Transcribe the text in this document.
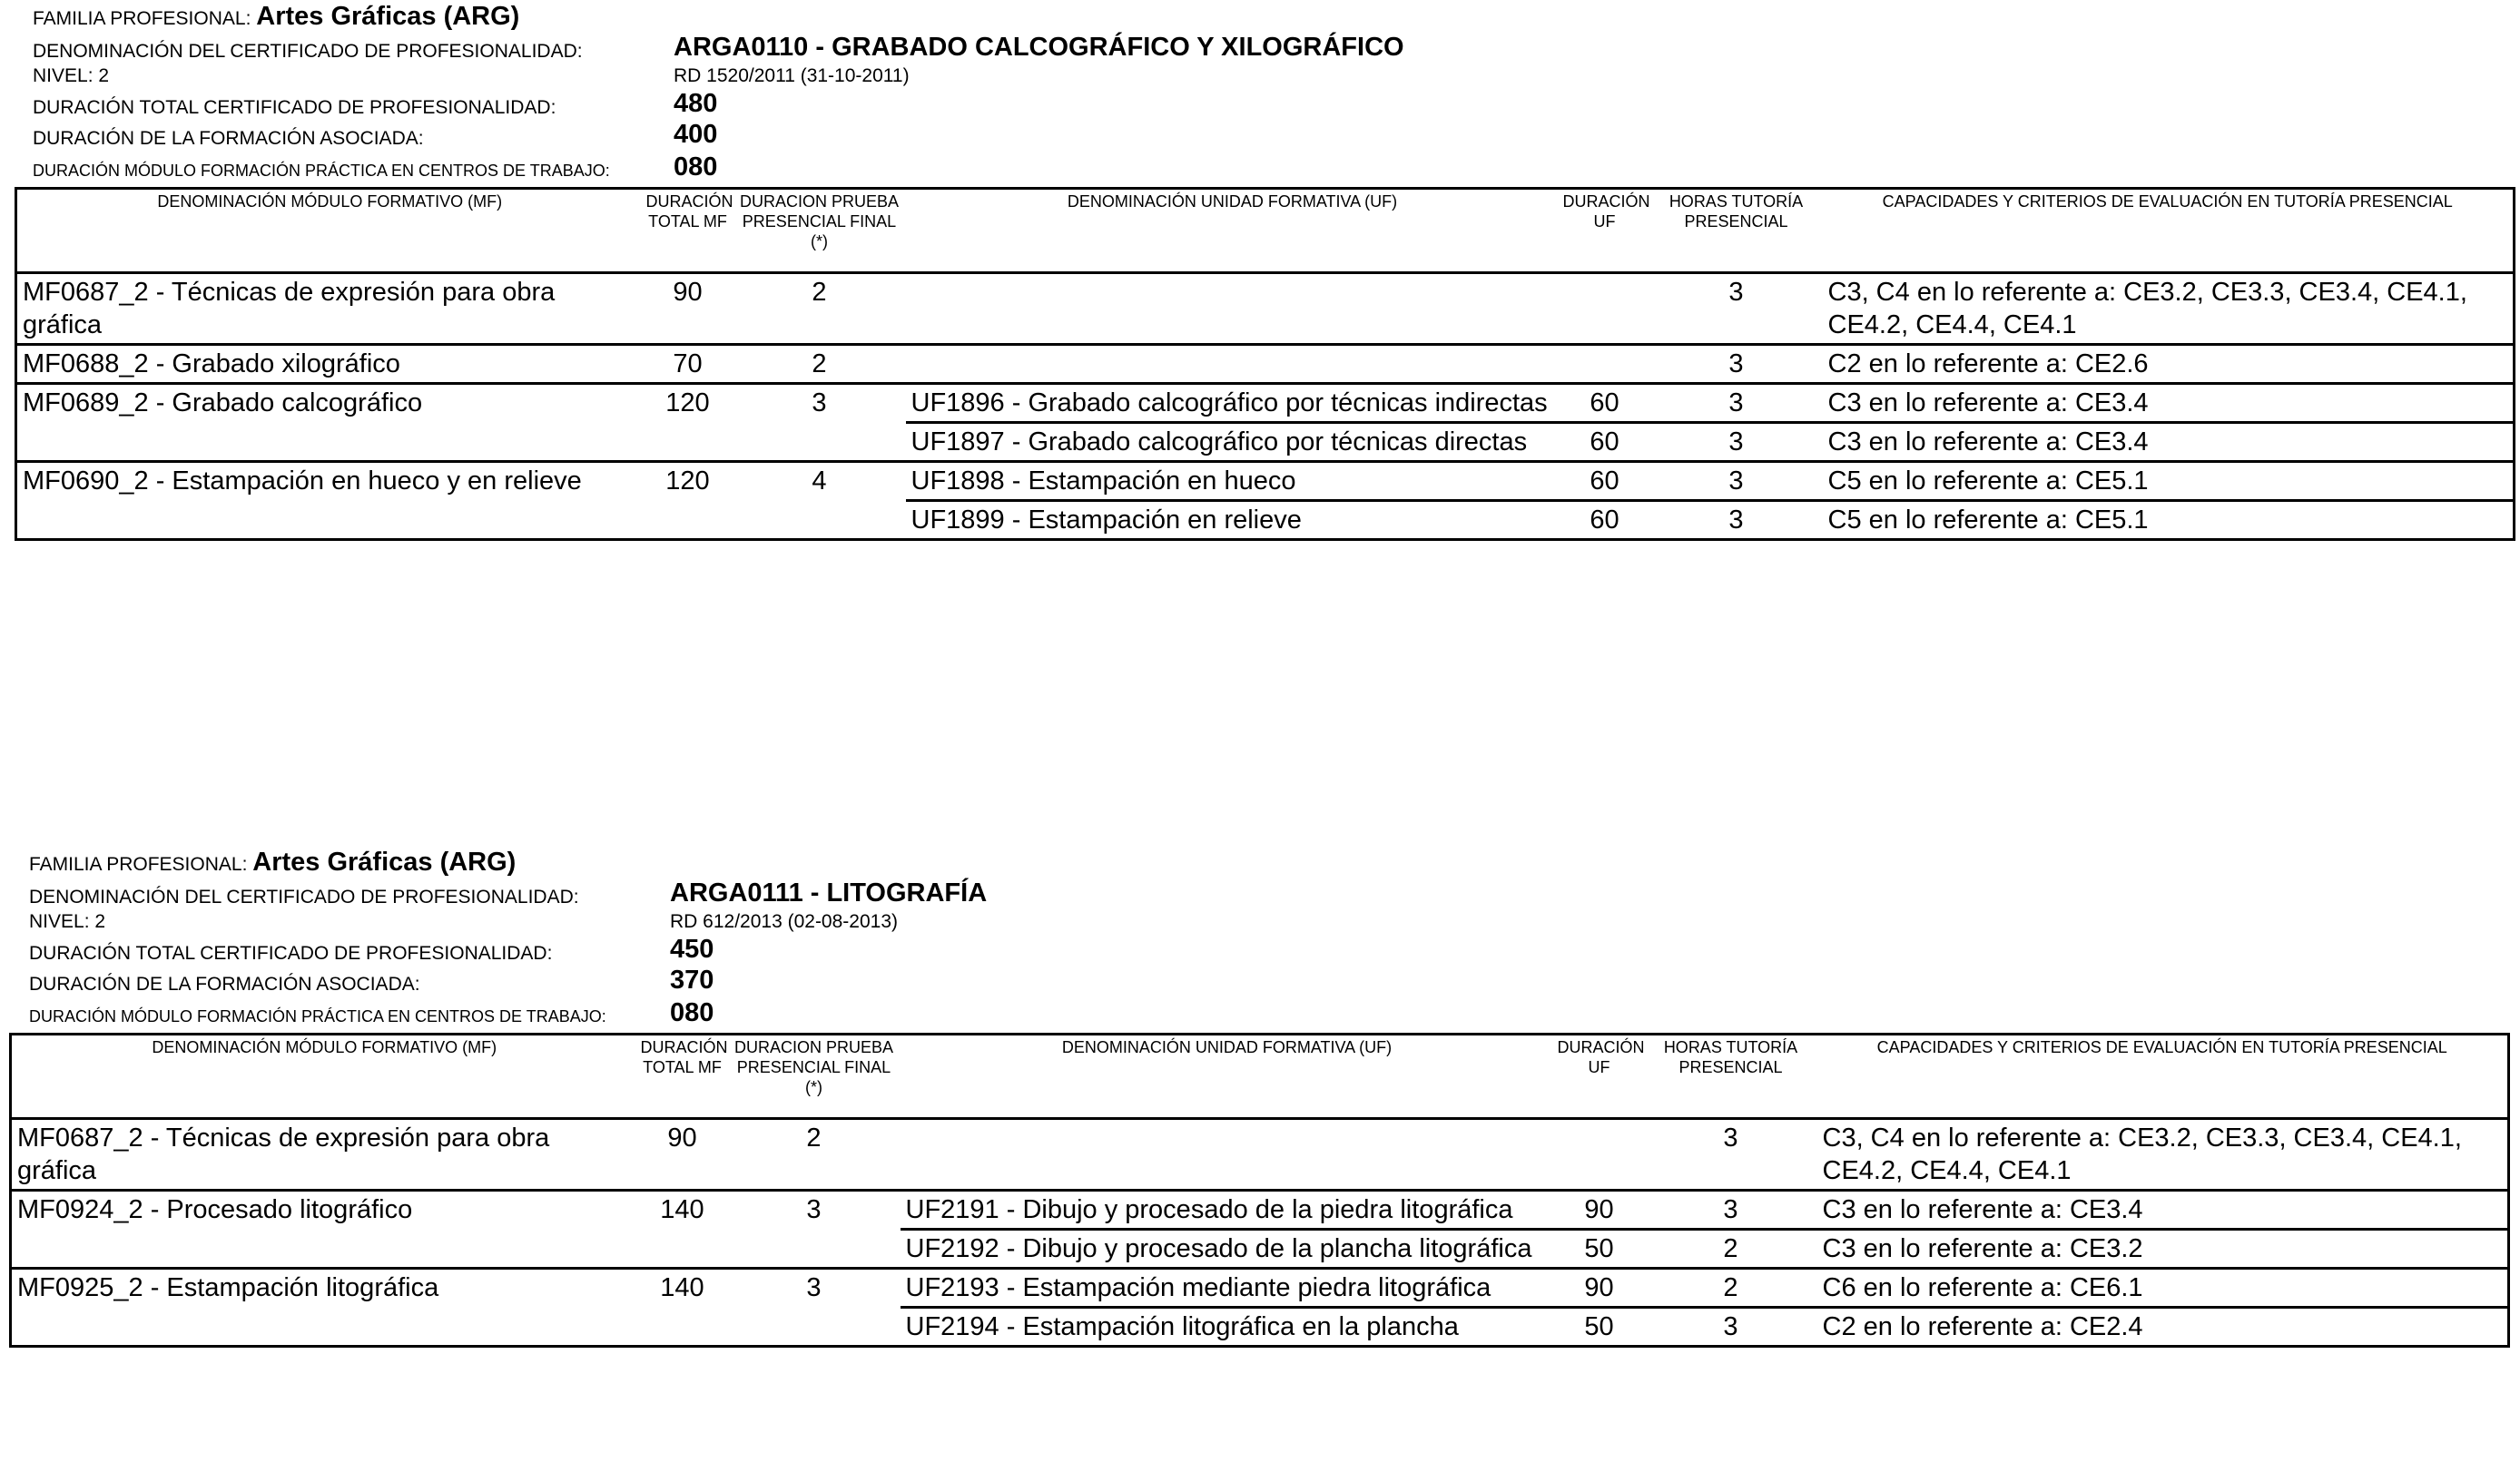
FAMILIA PROFESIONAL: Artes Gráficas (ARG)
DENOMINACIÓN DEL CERTIFICADO DE PROFESIONALIDAD:	ARGA0110 - GRABADO CALCOGRÁFICO Y XILOGRÁFICO
NIVEL: 2	RD 1520/2011 (31-10-2011)
DURACIÓN TOTAL CERTIFICADO DE PROFESIONALIDAD:	480
DURACIÓN DE LA FORMACIÓN ASOCIADA:	400
DURACIÓN MÓDULO FORMACIÓN PRÁCTICA EN CENTROS DE TRABAJO: 080
DENOMINACIÓN MÓDULO FORMATIVO (MF)	DURACIÓN TOTAL MF	DURACION PRUEBA PRESENCIAL FINAL (*)	DENOMINACIÓN UNIDAD FORMATIVA (UF)	DURACIÓN UF	HORAS TUTORÍA PRESENCIAL	CAPACIDADES Y CRITERIOS DE EVALUACIÓN EN TUTORÍA PRESENCIAL
MF0687_2 - Técnicas de expresión para obra gráfica	90	2			3	C3, C4 en lo referente a: CE3.2, CE3.3, CE3.4, CE4.1, CE4.2, CE4.4, CE4.1
MF0688_2 - Grabado xilográfico	70	2			3	C2 en lo referente a: CE2.6
MF0689_2 - Grabado calcográfico	120	3	UF1896 - Grabado calcográfico por técnicas indirectas	60	3	C3 en lo referente a: CE3.4
			UF1897 - Grabado calcográfico por técnicas directas	60	3	C3 en lo referente a: CE3.4
MF0690_2 - Estampación en hueco y en relieve	120	4	UF1898 - Estampación en hueco	60	3	C5 en lo referente a: CE5.1
			UF1899 - Estampación en relieve	60	3	C5 en lo referente a: CE5.1
FAMILIA PROFESIONAL: Artes Gráficas (ARG)
DENOMINACIÓN DEL CERTIFICADO DE PROFESIONALIDAD:	ARGA0111 - LITOGRAFÍA
NIVEL: 2	RD 612/2013 (02-08-2013)
DURACIÓN TOTAL CERTIFICADO DE PROFESIONALIDAD:	450
DURACIÓN DE LA FORMACIÓN ASOCIADA:	370
DURACIÓN MÓDULO FORMACIÓN PRÁCTICA EN CENTROS DE TRABAJO: 080
DENOMINACIÓN MÓDULO FORMATIVO (MF)	DURACIÓN TOTAL MF	DURACION PRUEBA PRESENCIAL FINAL (*)	DENOMINACIÓN UNIDAD FORMATIVA (UF)	DURACIÓN UF	HORAS TUTORÍA PRESENCIAL	CAPACIDADES Y CRITERIOS DE EVALUACIÓN EN TUTORÍA PRESENCIAL
MF0687_2 - Técnicas de expresión para obra gráfica	90	2			3	C3, C4 en lo referente a: CE3.2, CE3.3, CE3.4, CE4.1, CE4.2, CE4.4, CE4.1
MF0924_2 - Procesado litográfico	140	3	UF2191 - Dibujo y procesado de la piedra litográfica	90	3	C3 en lo referente a: CE3.4
			UF2192 - Dibujo y procesado de la plancha litográfica	50	2	C3 en lo referente a: CE3.2
MF0925_2 - Estampación litográfica	140	3	UF2193 - Estampación mediante piedra litográfica	90	2	C6 en lo referente a: CE6.1
			UF2194 - Estampación litográfica en la plancha	50	3	C2 en lo referente a: CE2.4
